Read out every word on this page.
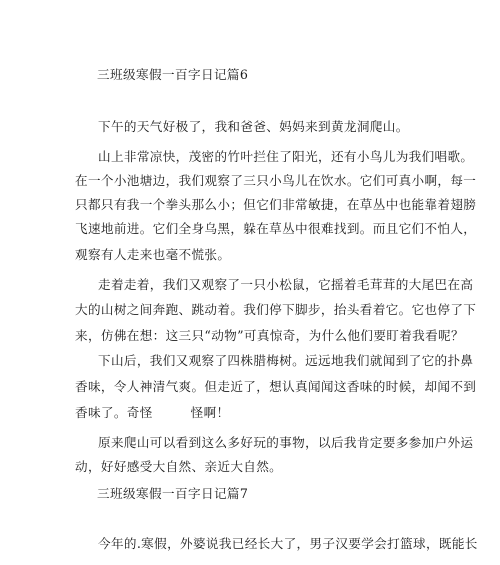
三班级寒假一百字日记篇6
下午的天气好极了，我和爸爸、妈妈来到黄龙洞爬山。
山上非常凉快，茂密的竹叶拦住了阳光，还有小鸟儿为我们唱歌。
在一个小池塘边，我们观察了三只小鸟儿在饮水。它们可真小啊，每一
只都只有我一个拳头那么小；但它们非常敏捷，在草丛中也能靠着翅膀
飞速地前进。它们全身乌黑，躲在草丛中很难找到。而且它们不怕人，
观察有人走来也毫不慌张。
走着走着，我们又观察了一只小松鼠，它摇着毛茸茸的大尾巴在高
大的山树之间奔跑、跳动着。我们停下脚步，抬头看着它。它也停了下
来，仿佛在想：这三只“动物”可真惊奇，为什么他们要盯着我看呢？
下山后，我们又观察了四株腊梅树。远远地我们就闻到了它的扑鼻
香味，令人神清气爽。但走近了，想认真闻闻这香味的时候，却闻不到
香味了。奇怪	怪啊！
原来爬山可以看到这么多好玩的事物，以后我肯定要多参加户外运
动，好好感受大自然、亲近大自然。
三班级寒假一百字日记篇7
今年的.寒假，外婆说我已经长大了，男子汉要学会打篮球，既能长
